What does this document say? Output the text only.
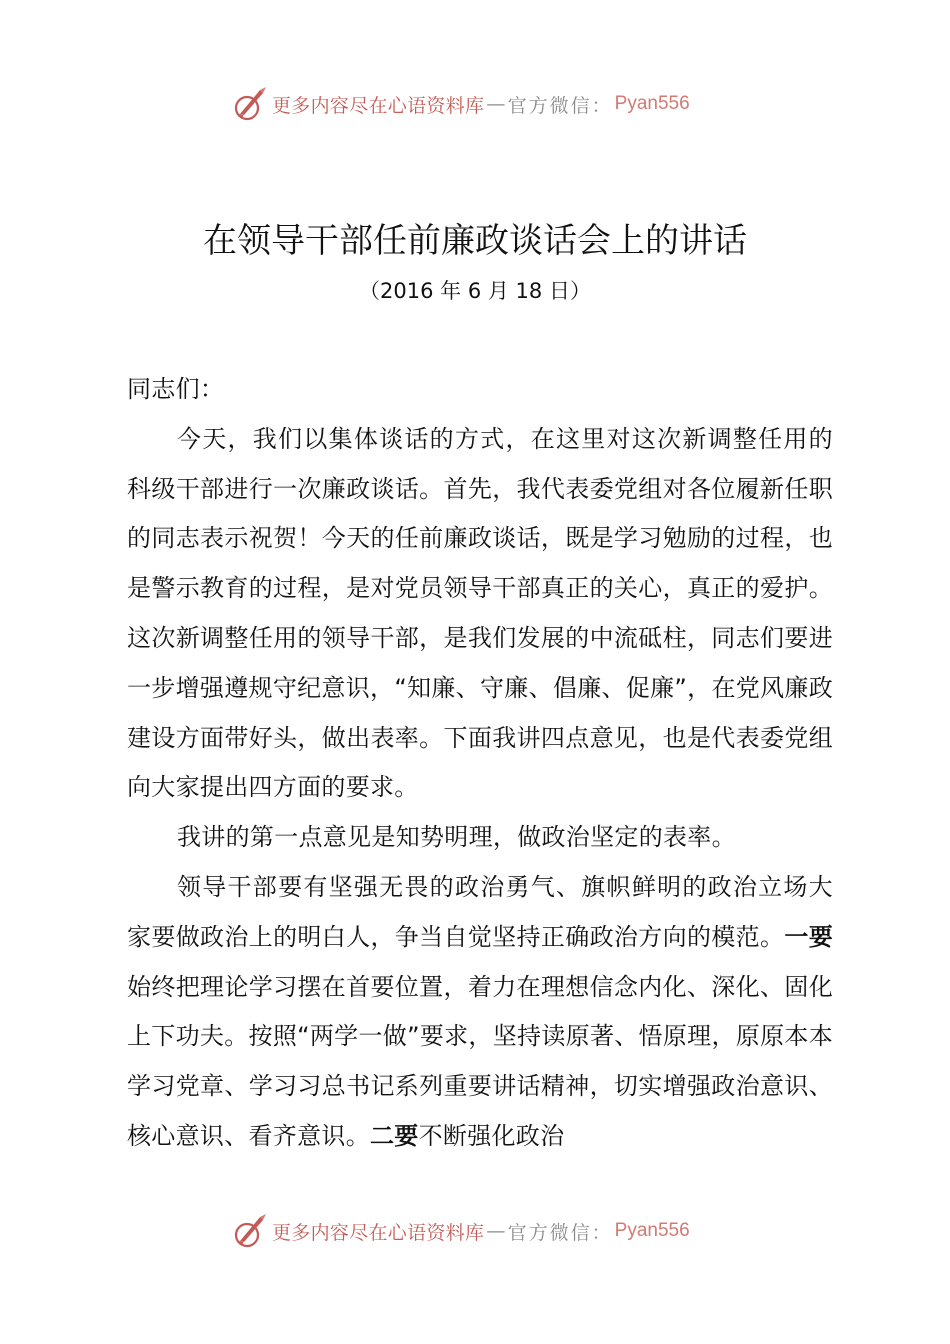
更多内容尽在心语资料库 — 官方微信： Pyan556
在领导干部任前廉政谈话会上的讲话
（2016 年 6 月 18 日）

同志们：

今天，我们以集体谈话的方式，在这里对这次新调整任用的科级干部进行一次廉政谈话。首先，我代表委党组对各位履新任职的同志表示祝贺！今天的任前廉政谈话，既是学习勉励的过程，也是警示教育的过程，是对党员领导干部真正的关心，真正的爱护。这次新调整任用的领导干部，是我们发展的中流砥柱，同志们要进一步增强遵规守纪意识，“知廉、守廉、倡廉、促廉”，在党风廉政建设方面带好头，做出表率。下面我讲四点意见，也是代表委党组向大家提出四方面的要求。

我讲的第一点意见是知势明理，做政治坚定的表率。

领导干部要有坚强无畏的政治勇气、旗帜鲜明的政治立场大家要做政治上的明白人，争当自觉坚持正确政治方向的模范。一要始终把理论学习摆在首要位置，着力在理想信念内化、深化、固化上下功夫。按照“两学一做”要求，坚持读原著、悟原理，原原本本学习党章、学习习总书记系列重要讲话精神，切实增强政治意识、核心意识、看齐意识。二要不断强化政治

更多内容尽在心语资料库 — 官方微信： Pyan556
